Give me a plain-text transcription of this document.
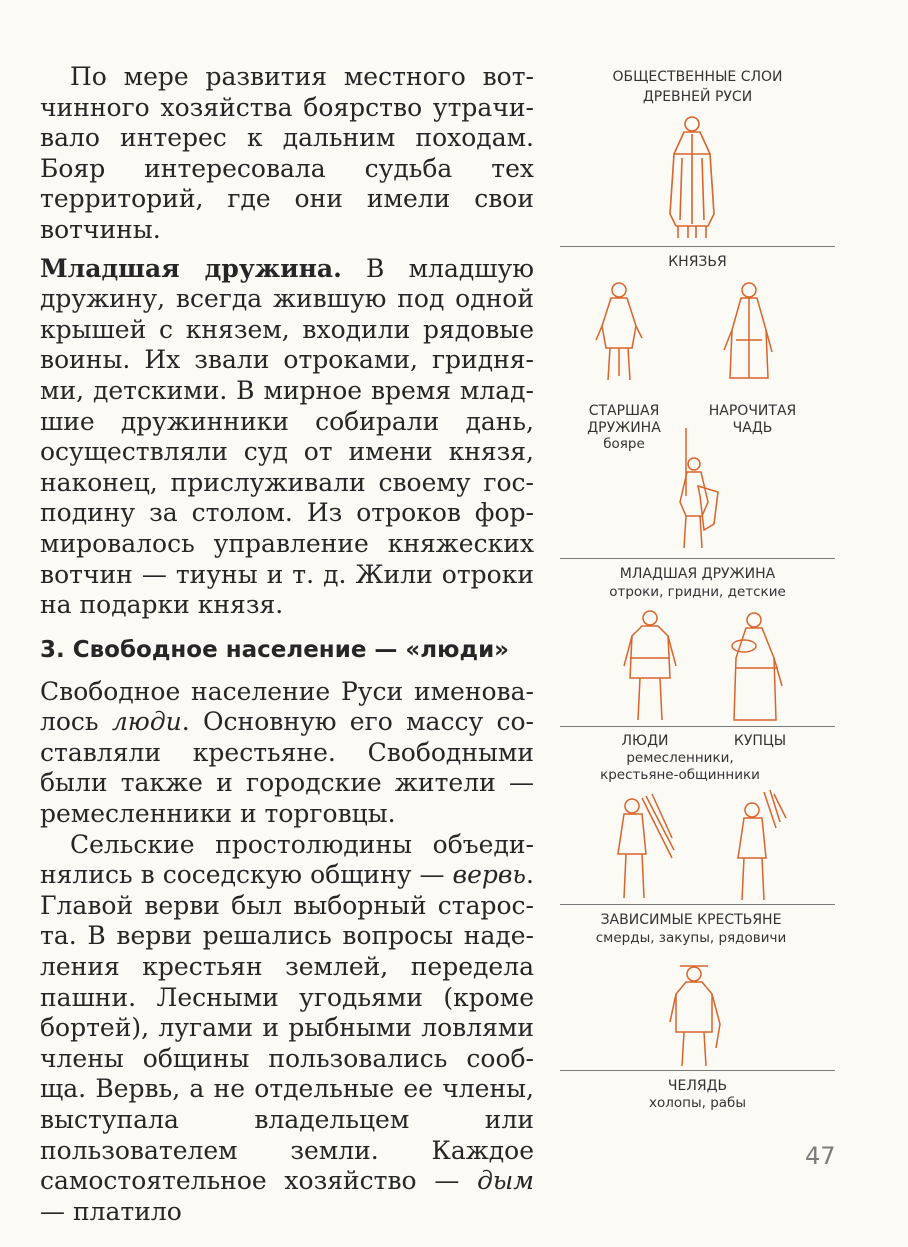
По мере развития местного вотчинного хозяйства боярство утрачивало интерес к дальним походам. Бояр интересовала судьба тех территорий, где они имели свои вотчины.

Младшая дружина. В младшую дружину, всегда жившую под одной крышей с князем, входили рядовые воины. Их звали отроками, гриднями, детскими. В мирное время младшие дружинники собирали дань, осуществляли суд от имени князя, наконец, прислуживали своему господину за столом. Из отроков формировалось управление княжеских вотчин — тиуны и т. д. Жили отроки на подарки князя.

3. Свободное население — «люди»

Свободное население Руси именовалось люди. Основную его массу составляли крестьяне. Свободными были также и городские жители — ремесленники и торговцы.

Сельские простолюдины объединялись в соседскую общину — вервь. Главой верви был выборный староста. В верви решались вопросы наделения крестьян землей, передела пашни. Лесными угодьями (кроме бортей), лугами и рыбными ловлями члены общины пользовались сообща. Вервь, а не отдельные ее члены, выступала владельцем или пользователем земли. Каждое самостоятельное хозяйство — дым — платило

ОБЩЕСТВЕННЫЕ СЛОИ
ДРЕВНЕЙ РУСИ
КНЯЗЬЯ
СТАРШАЯ
ДРУЖИНА
бояре
НАРОЧИТАЯ
ЧАДЬ
МЛАДШАЯ ДРУЖИНА
отроки, гридни, детские
ЛЮДИ	КУПЦЫ
ремесленники,
крестьяне-общинники
ЗАВИСИМЫЕ КРЕСТЬЯНЕ
смерды, закупы, рядовичи
ЧЕЛЯДЬ
холопы, рабы
47
